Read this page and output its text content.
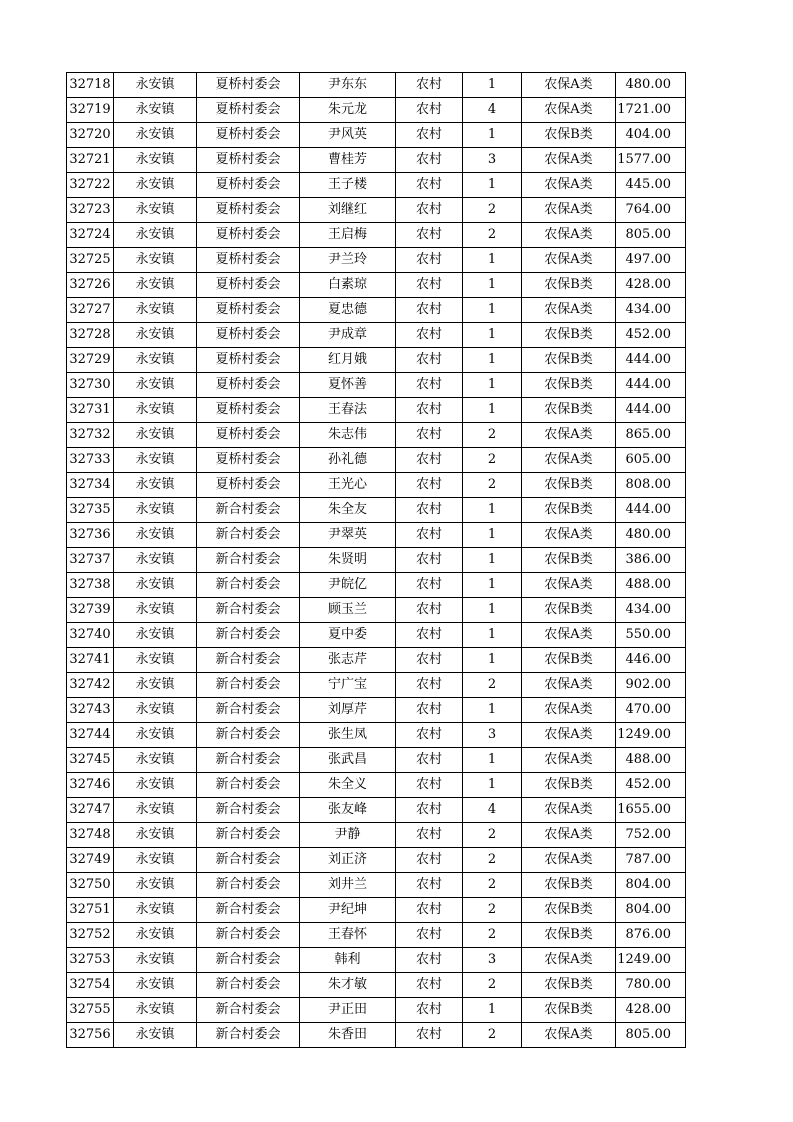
32718	永安镇	夏桥村委会	尹东东	农村	1	农保A类	480.00
32719	永安镇	夏桥村委会	朱元龙	农村	4	农保A类	1721.00
32720	永安镇	夏桥村委会	尹风英	农村	1	农保B类	404.00
32721	永安镇	夏桥村委会	曹桂芳	农村	3	农保A类	1577.00
32722	永安镇	夏桥村委会	王子楼	农村	1	农保A类	445.00
32723	永安镇	夏桥村委会	刘继红	农村	2	农保A类	764.00
32724	永安镇	夏桥村委会	王启梅	农村	2	农保A类	805.00
32725	永安镇	夏桥村委会	尹兰玲	农村	1	农保A类	497.00
32726	永安镇	夏桥村委会	白素琼	农村	1	农保B类	428.00
32727	永安镇	夏桥村委会	夏忠德	农村	1	农保A类	434.00
32728	永安镇	夏桥村委会	尹成章	农村	1	农保B类	452.00
32729	永安镇	夏桥村委会	红月娥	农村	1	农保B类	444.00
32730	永安镇	夏桥村委会	夏怀善	农村	1	农保B类	444.00
32731	永安镇	夏桥村委会	王春法	农村	1	农保B类	444.00
32732	永安镇	夏桥村委会	朱志伟	农村	2	农保A类	865.00
32733	永安镇	夏桥村委会	孙礼德	农村	2	农保A类	605.00
32734	永安镇	夏桥村委会	王光心	农村	2	农保B类	808.00
32735	永安镇	新合村委会	朱全友	农村	1	农保B类	444.00
32736	永安镇	新合村委会	尹翠英	农村	1	农保A类	480.00
32737	永安镇	新合村委会	朱贤明	农村	1	农保B类	386.00
32738	永安镇	新合村委会	尹皖亿	农村	1	农保A类	488.00
32739	永安镇	新合村委会	顾玉兰	农村	1	农保B类	434.00
32740	永安镇	新合村委会	夏中委	农村	1	农保A类	550.00
32741	永安镇	新合村委会	张志芹	农村	1	农保B类	446.00
32742	永安镇	新合村委会	宁广宝	农村	2	农保A类	902.00
32743	永安镇	新合村委会	刘厚芹	农村	1	农保A类	470.00
32744	永安镇	新合村委会	张生凤	农村	3	农保A类	1249.00
32745	永安镇	新合村委会	张武昌	农村	1	农保A类	488.00
32746	永安镇	新合村委会	朱全义	农村	1	农保B类	452.00
32747	永安镇	新合村委会	张友峰	农村	4	农保A类	1655.00
32748	永安镇	新合村委会	尹静	农村	2	农保A类	752.00
32749	永安镇	新合村委会	刘正济	农村	2	农保A类	787.00
32750	永安镇	新合村委会	刘井兰	农村	2	农保B类	804.00
32751	永安镇	新合村委会	尹纪坤	农村	2	农保B类	804.00
32752	永安镇	新合村委会	王春怀	农村	2	农保B类	876.00
32753	永安镇	新合村委会	韩利	农村	3	农保A类	1249.00
32754	永安镇	新合村委会	朱才敏	农村	2	农保B类	780.00
32755	永安镇	新合村委会	尹正田	农村	1	农保B类	428.00
32756	永安镇	新合村委会	朱香田	农村	2	农保A类	805.00
